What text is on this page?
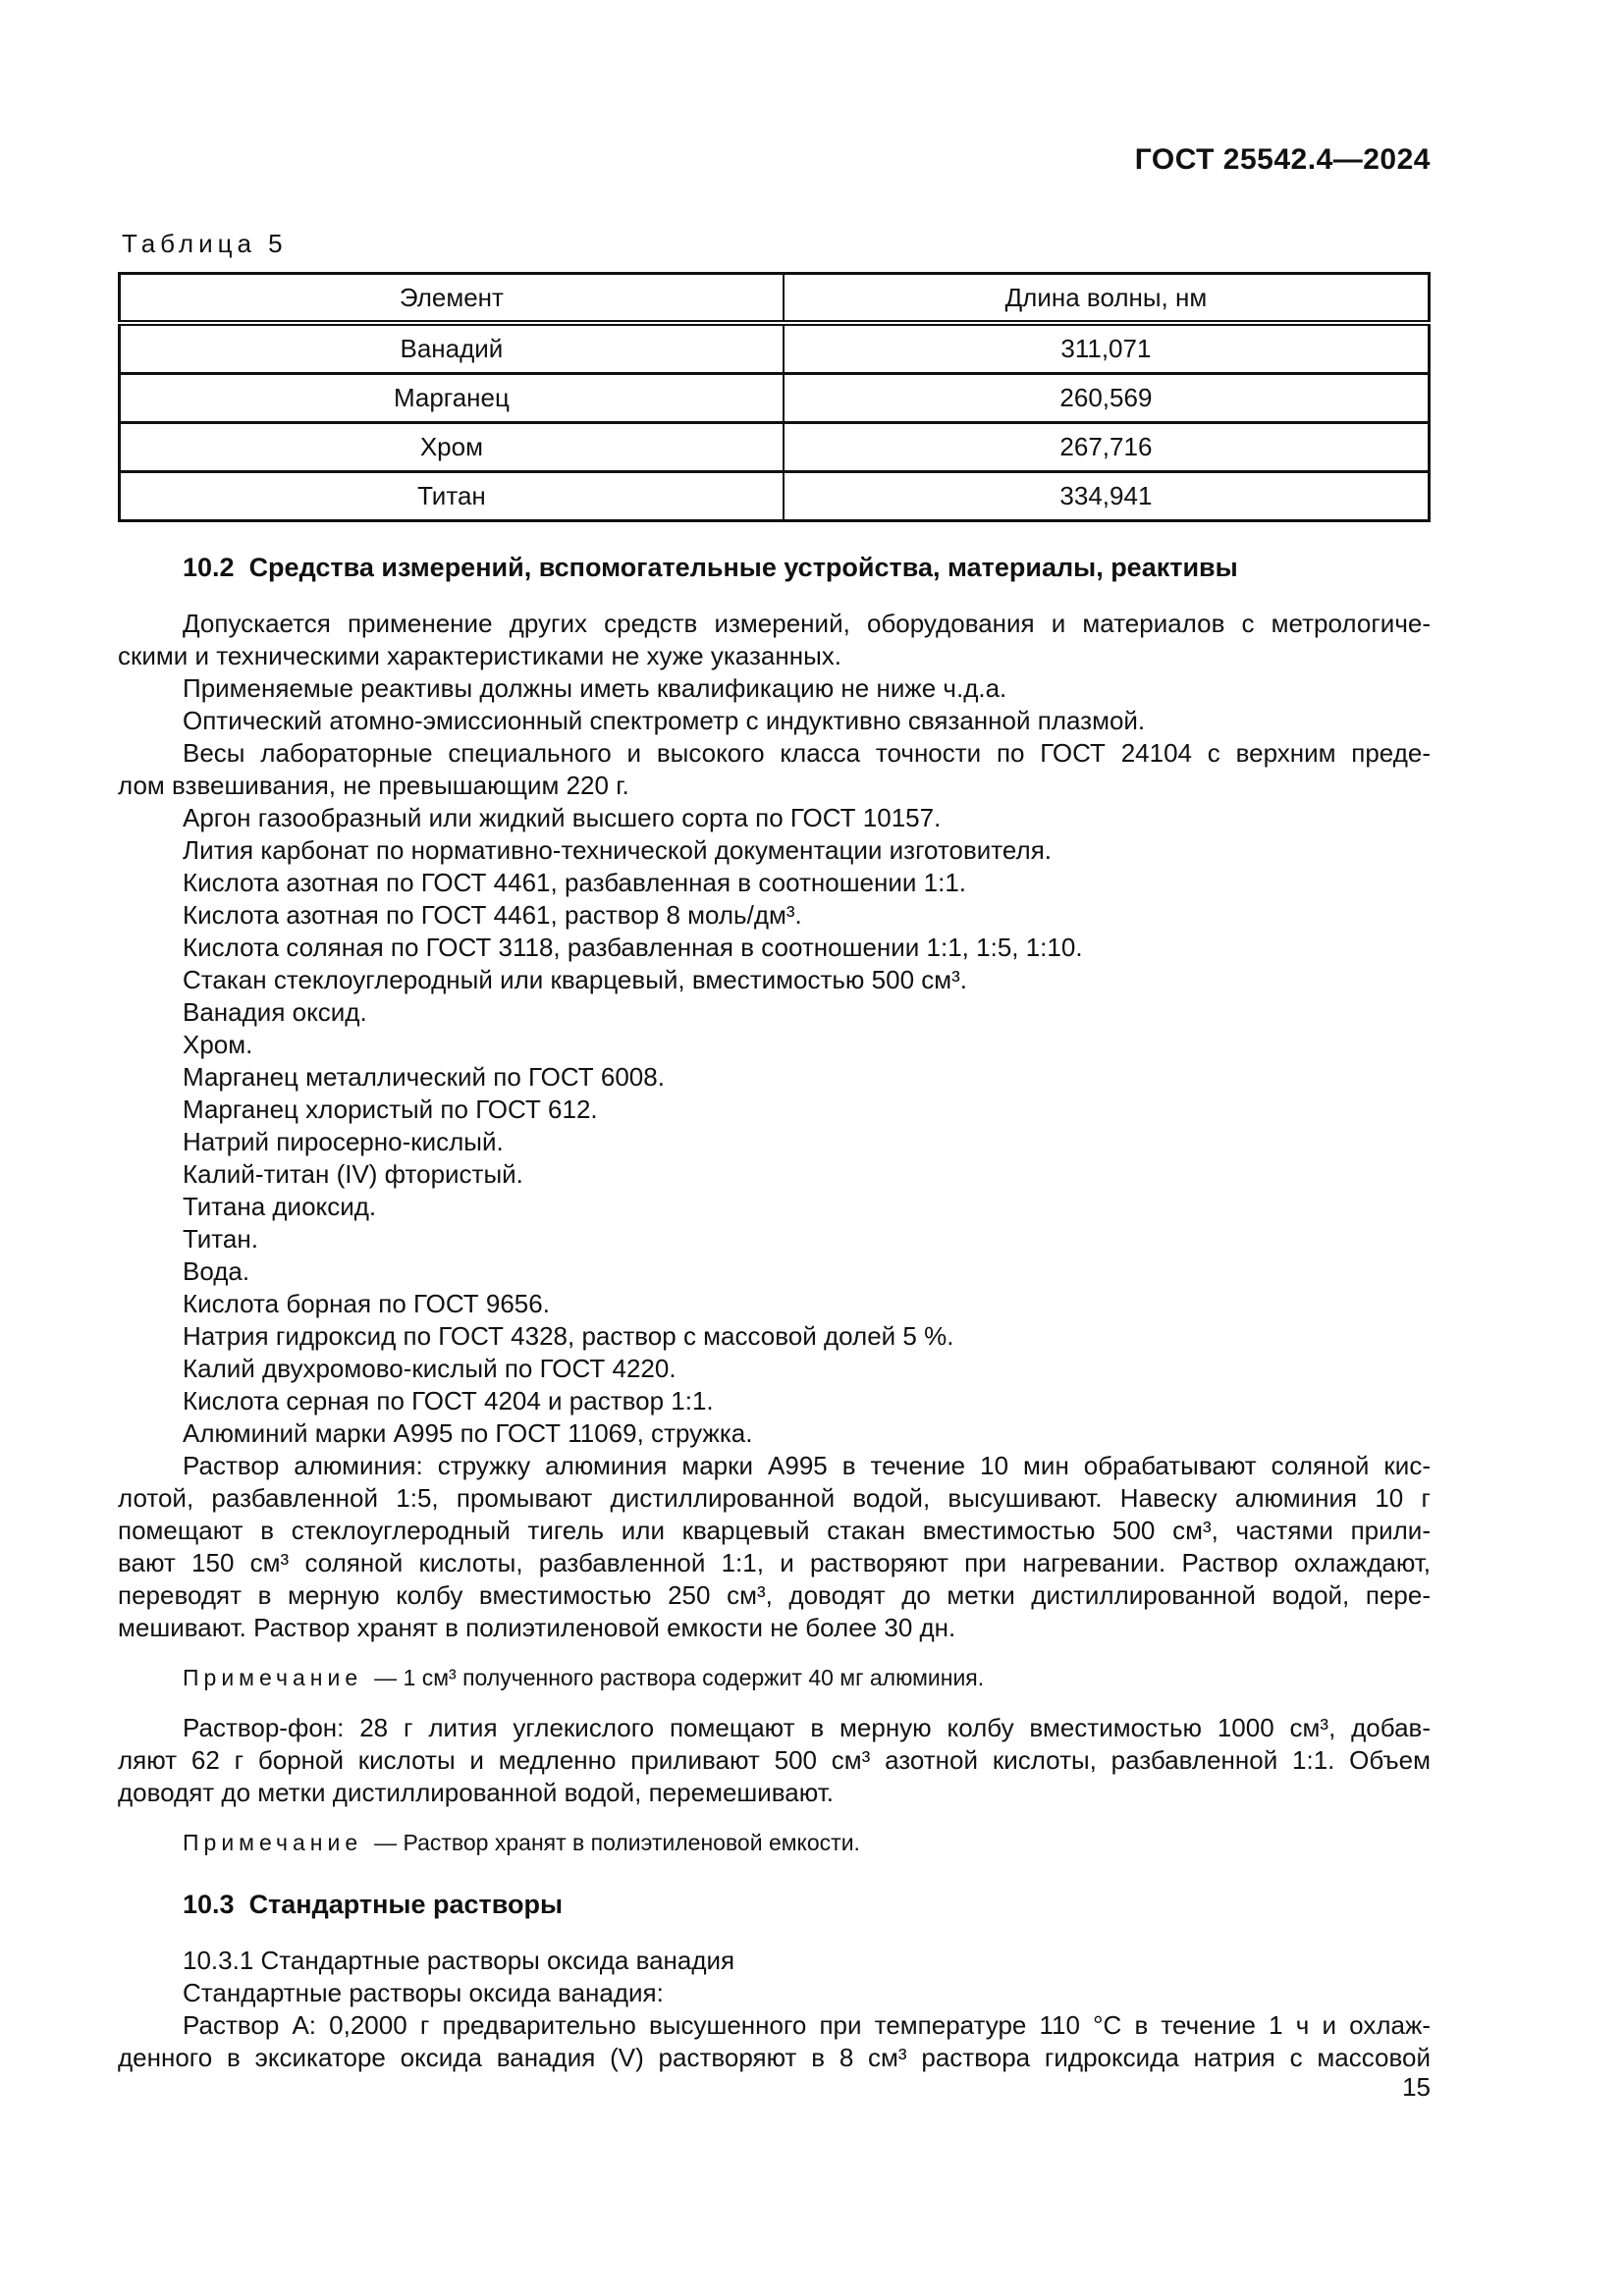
ГОСТ 25542.4—2024
Таблица 5
Элемент	Длина волны, нм
Ванадий	311,071
Марганец	260,569
Хром	267,716
Титан	334,941
10.2 Средства измерений, вспомогательные устройства, материалы, реактивы
Допускается применение других средств измерений, оборудования и материалов с метрологиче-
скими и техническими характеристиками не хуже указанных.
Применяемые реактивы должны иметь квалификацию не ниже ч.д.а.
Оптический атомно-эмиссионный спектрометр с индуктивно связанной плазмой.
Весы лабораторные специального и высокого класса точности по ГОСТ 24104 с верхним преде-
лом взвешивания, не превышающим 220 г.
Аргон газообразный или жидкий высшего сорта по ГОСТ 10157.
Лития карбонат по нормативно-технической документации изготовителя.
Кислота азотная по ГОСТ 4461, разбавленная в соотношении 1:1.
Кислота азотная по ГОСТ 4461, раствор 8 моль/дм³.
Кислота соляная по ГОСТ 3118, разбавленная в соотношении 1:1, 1:5, 1:10.
Стакан стеклоуглеродный или кварцевый, вместимостью 500 см³.
Ванадия оксид.
Хром.
Марганец металлический по ГОСТ 6008.
Марганец хлористый по ГОСТ 612.
Натрий пиросерно-кислый.
Калий-титан (IV) фтористый.
Титана диоксид.
Титан.
Вода.
Кислота борная по ГОСТ 9656.
Натрия гидроксид по ГОСТ 4328, раствор с массовой долей 5 %.
Калий двухромово-кислый по ГОСТ 4220.
Кислота серная по ГОСТ 4204 и раствор 1:1.
Алюминий марки А995 по ГОСТ 11069, стружка.
Раствор алюминия: стружку алюминия марки А995 в течение 10 мин обрабатывают соляной кис-
лотой, разбавленной 1:5, промывают дистиллированной водой, высушивают. Навеску алюминия 10 г
помещают в стеклоуглеродный тигель или кварцевый стакан вместимостью 500 см³, частями прили-
вают 150 см³ соляной кислоты, разбавленной 1:1, и растворяют при нагревании. Раствор охлаждают,
переводят в мерную колбу вместимостью 250 см³, доводят до метки дистиллированной водой, пере-
мешивают. Раствор хранят в полиэтиленовой емкости не более 30 дн.
Примечание — 1 см³ полученного раствора содержит 40 мг алюминия.
Раствор-фон: 28 г лития углекислого помещают в мерную колбу вместимостью 1000 см³, добав-
ляют 62 г борной кислоты и медленно приливают 500 см³ азотной кислоты, разбавленной 1:1. Объем
доводят до метки дистиллированной водой, перемешивают.
Примечание — Раствор хранят в полиэтиленовой емкости.
10.3 Стандартные растворы
10.3.1 Стандартные растворы оксида ванадия
Стандартные растворы оксида ванадия:
Раствор А: 0,2000 г предварительно высушенного при температуре 110 °С в течение 1 ч и охлаж-
денного в эксикаторе оксида ванадия (V) растворяют в 8 см³ раствора гидроксида натрия с массовой
15
